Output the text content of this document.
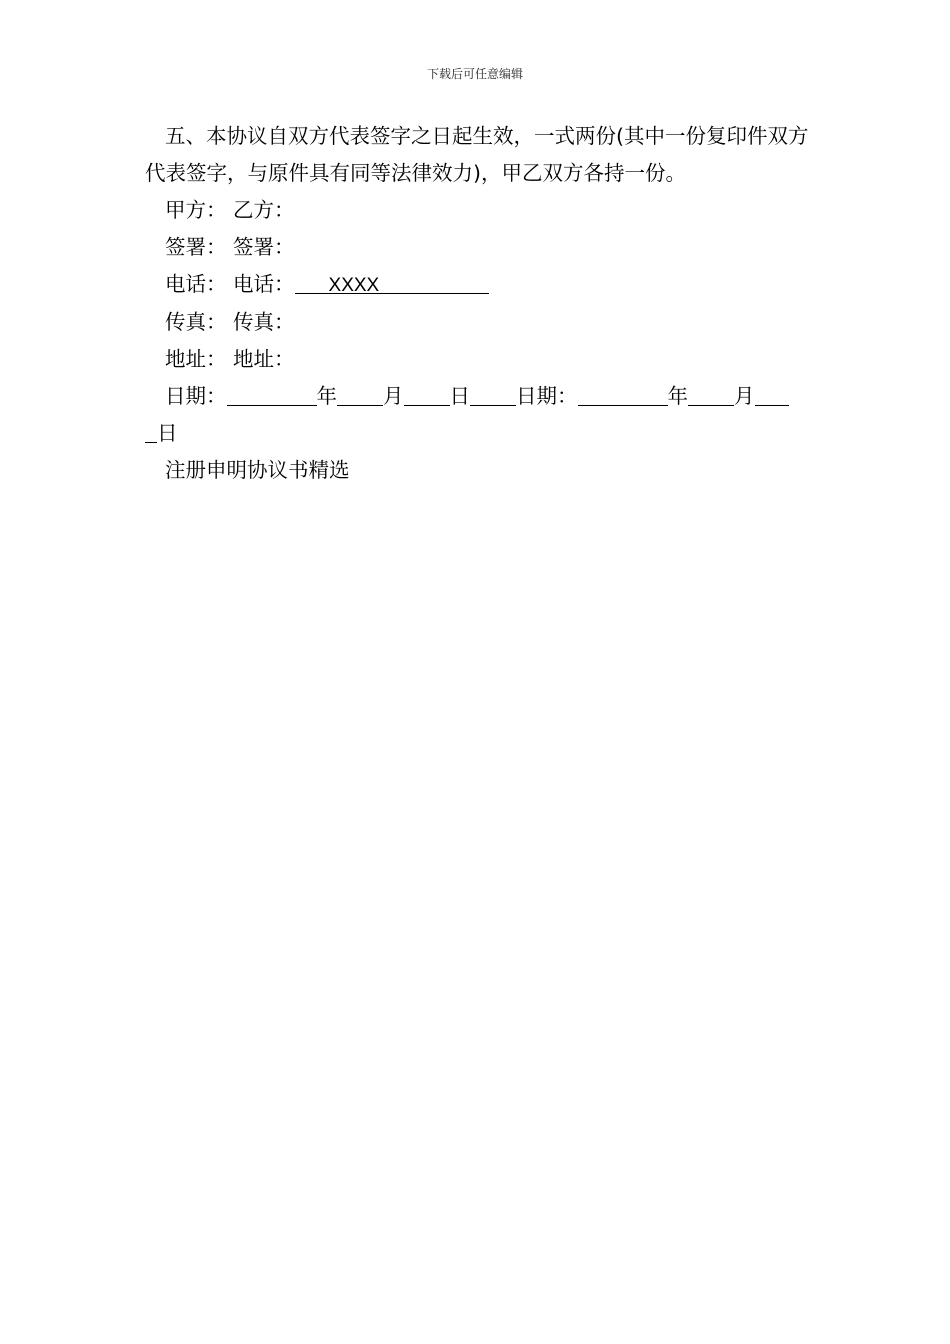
下载后可任意编辑

五、本协议自双方代表签字之日起生效，一式两份(其中一份复印件双方代表签字，与原件具有同等法律效力)，甲乙双方各持一份。

甲方： 乙方：

签署： 签署：

电话： 电话： XXXX

传真： 传真：

地址： 地址：

日期：	年 月 日 日期：	年 月

日

注册申明协议书精选
